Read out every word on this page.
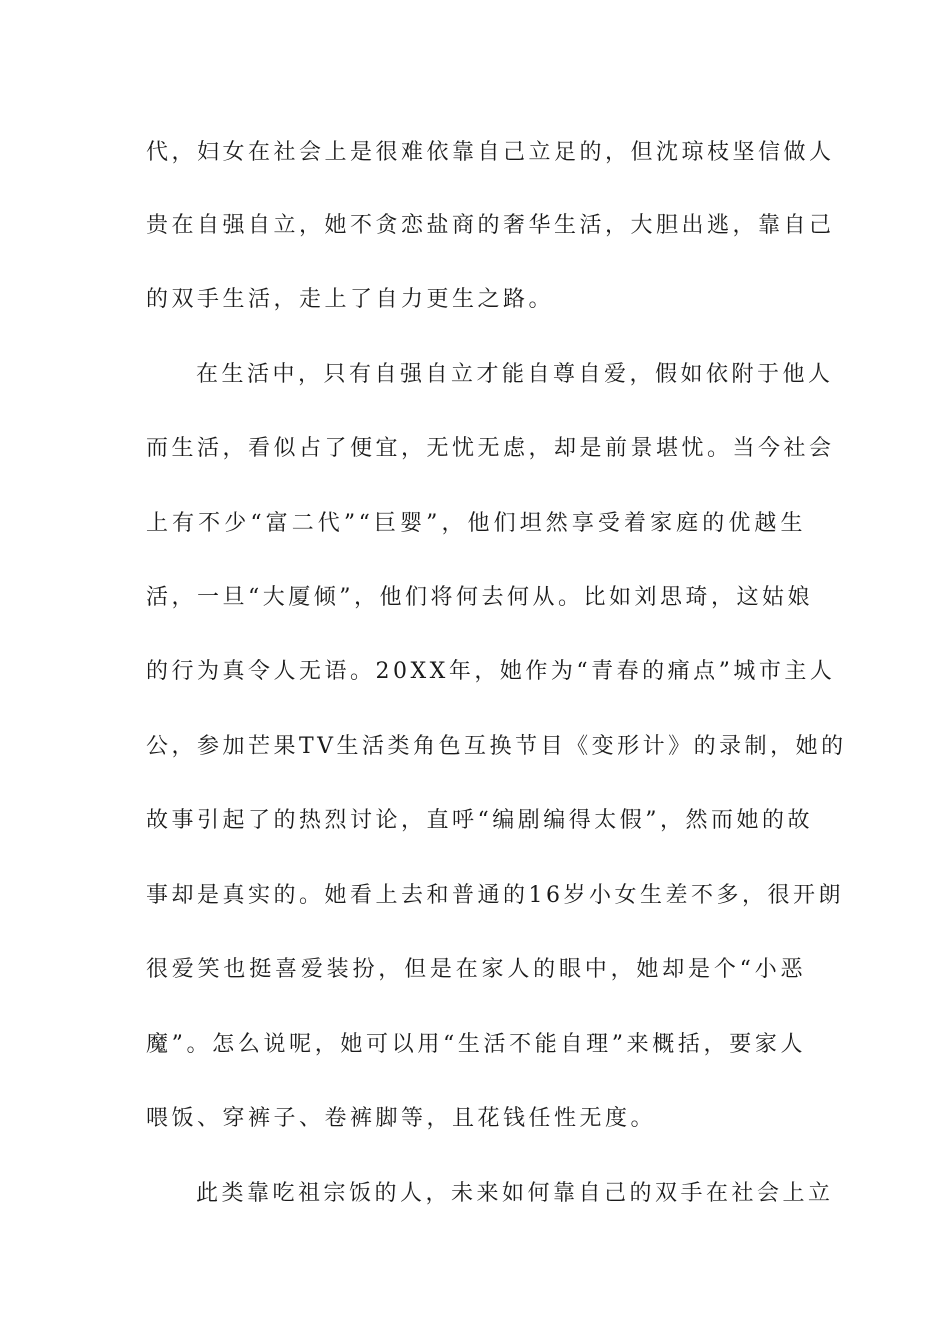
代，妇女在社会上是很难依靠自己立足的，但沈琼枝坚信做人
贵在自强自立，她不贪恋盐商的奢华生活，大胆出逃，靠自己
的双手生活，走上了自力更生之路。
在生活中，只有自强自立才能自尊自爱，假如依附于他人
而生活，看似占了便宜，无忧无虑，却是前景堪忧。当今社会
上有不少“富二代”“巨婴”，他们坦然享受着家庭的优越生
活，一旦“大厦倾”，他们将何去何从。比如刘思琦，这姑娘
的行为真令人无语。20XX年，她作为“青春的痛点”城市主人
公，参加芒果TV生活类角色互换节目《变形计》的录制，她的
故事引起了的热烈讨论，直呼“编剧编得太假”，然而她的故
事却是真实的。她看上去和普通的16岁小女生差不多，很开朗
很爱笑也挺喜爱装扮，但是在家人的眼中，她却是个“小恶
魔”。怎么说呢，她可以用“生活不能自理”来概括，要家人
喂饭、穿裤子、卷裤脚等，且花钱任性无度。
此类靠吃祖宗饭的人，未来如何靠自己的双手在社会上立
